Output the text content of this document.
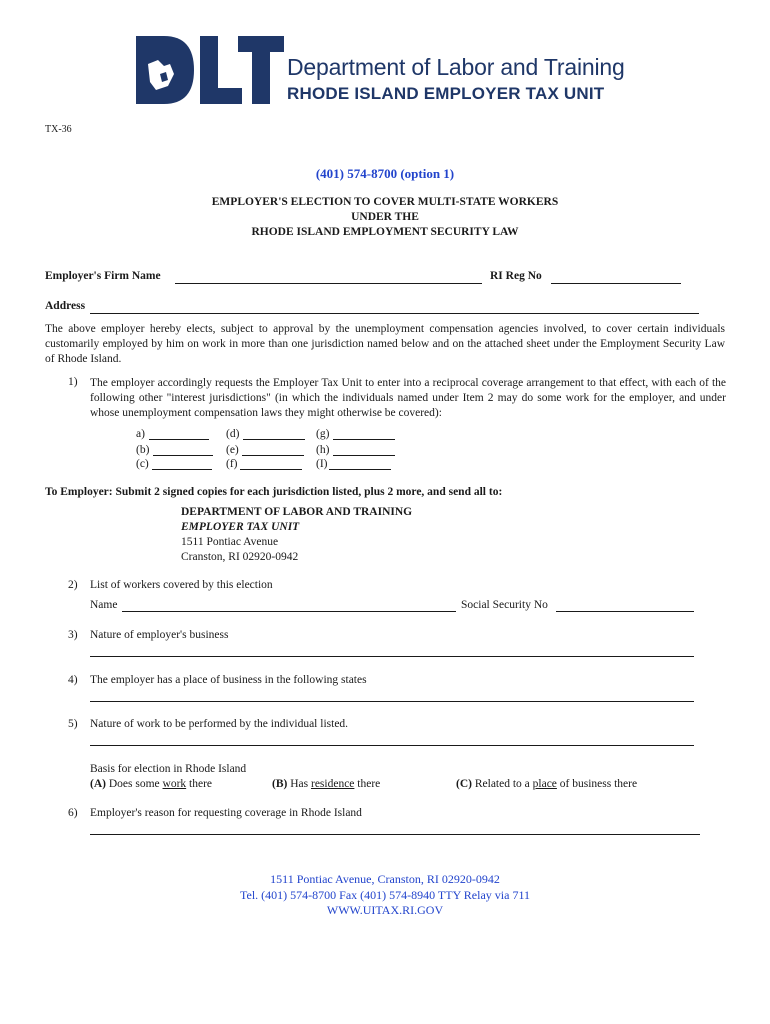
Department of Labor and Training
RHODE ISLAND EMPLOYER TAX UNIT
TX-36
(401) 574-8700 (option 1)
EMPLOYER'S ELECTION TO COVER MULTI-STATE WORKERS
UNDER THE
RHODE ISLAND EMPLOYMENT SECURITY LAW
Employer's Firm Name	RI Reg No
Address
The above employer hereby elects, subject to approval by the unemployment compensation agencies involved, to cover certain individuals customarily employed by him on work in more than one jurisdiction named below and on the attached sheet under the Employment Security Law of Rhode Island.
1) The employer accordingly requests the Employer Tax Unit to enter into a reciprocal coverage arrangement to that effect, with each of the following other "interest jurisdictions" (in which the individuals named under Item 2 may do some work for the employer, and under whose unemployment compensation laws they might otherwise be covered):
a)
(b)
(c)
(d)
(e)
(f)
(g)
(h)
(I)
To Employer: Submit 2 signed copies for each jurisdiction listed, plus 2 more, and send all to:
DEPARTMENT OF LABOR AND TRAINING
EMPLOYER TAX UNIT
1511 Pontiac Avenue
Cranston, RI 02920-0942
2) List of workers covered by this election
Name	Social Security No
3) Nature of employer's business
4) The employer has a place of business in the following states
5) Nature of work to be performed by the individual listed.
Basis for election in Rhode Island
(A) Does some work there	(B) Has residence there	(C) Related to a place of business there
6) Employer's reason for requesting coverage in Rhode Island
1511 Pontiac Avenue, Cranston, RI 02920-0942
Tel. (401) 574-8700 Fax (401) 574-8940 TTY Relay via 711
WWW.UITAX.RI.GOV
